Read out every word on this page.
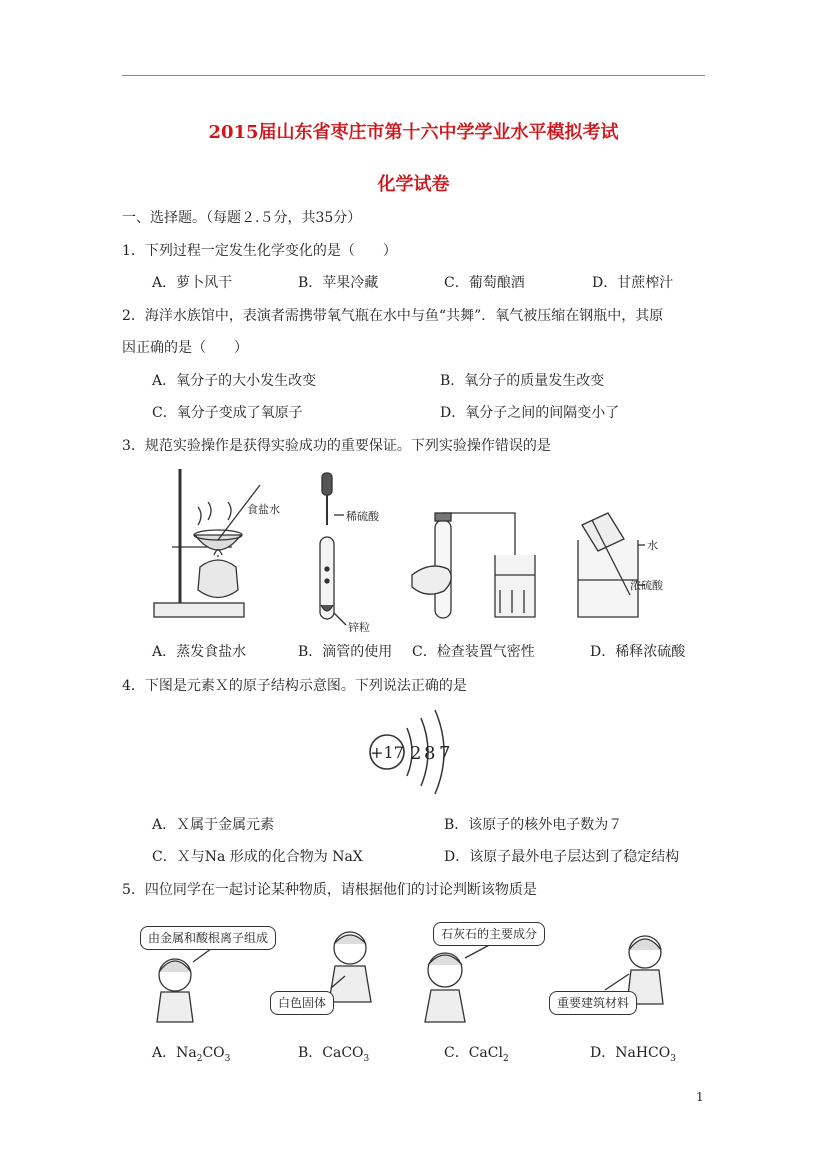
2015届山东省枣庄市第十六中学学业水平模拟考试
化学试卷
一、选择题。（每题２.５分，共35分）
1．下列过程一定发生化学变化的是（　　）
A．萝卜风干	B．苹果冷藏	C．葡萄酿酒	D．甘蔗榨汁
2．海洋水族馆中，表演者需携带氧气瓶在水中与鱼“共舞”．氧气被压缩在钢瓶中，其原
因正确的是（　　）
A．氧分子的大小发生改变	B．氧分子的质量发生改变
C．氧分子变成了氧原子	D．氧分子之间的间隔变小了
3．规范实验操作是获得实验成功的重要保证。下列实验操作错误的是
食盐水
稀硫酸
锌粒
水
浓硫酸
A．蒸发食盐水	B．滴管的使用 C．检查装置气密性	D．稀释浓硫酸
4．下图是元素Ｘ的原子结构示意图。下列说法正确的是
+17 2 8 7
A．Ｘ属于金属元素	B．该原子的核外电子数为７
C．Ｘ与Na 形成的化合物为 NaX	D．该原子最外电子层达到了稳定结构
5．四位同学在一起讨论某种物质，请根据他们的讨论判断该物质是
由金属和酸根离子组成
白色固体
石灰石的主要成分
重要建筑材料
A．$Na_2CO_3$	B．CaCO$_3$	C．CaCl$_2$	D．NaHCO$_3$
1
